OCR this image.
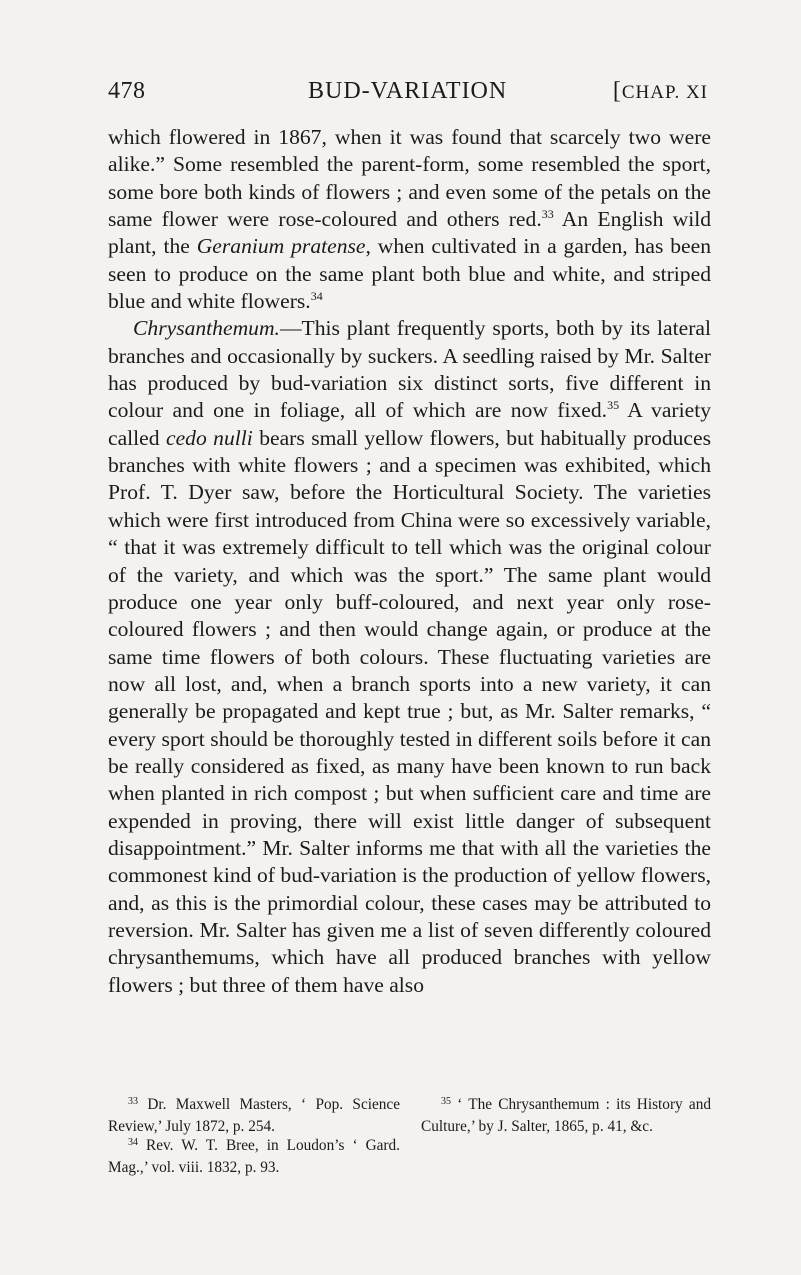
478	BUD-VARIATION	[CHAP. XI

which flowered in 1867, when it was found that scarcely two were alike.” Some resembled the parent-form, some resembled the sport, some bore both kinds of flowers ; and even some of the petals on the same flower were rose-coloured and others red.$^{33}$ An English wild plant, the Geranium pratense, when cultivated in a garden, has been seen to produce on the same plant both blue and white, and striped blue and white flowers.$^{34}$

Chrysanthemum.—This plant frequently sports, both by its lateral branches and occasionally by suckers. A seedling raised by Mr. Salter has produced by bud-variation six distinct sorts, five different in colour and one in foliage, all of which are now fixed.$^{35}$ A variety called cedo nulli bears small yellow flowers, but habitually produces branches with white flowers ; and a specimen was exhibited, which Prof. T. Dyer saw, before the Horticultural Society. The varieties which were first introduced from China were so excessively variable, “ that it was extremely difficult to tell which was the original colour of the variety, and which was the sport.” The same plant would produce one year only buff-coloured, and next year only rose-coloured flowers ; and then would change again, or produce at the same time flowers of both colours. These fluctuating varieties are now all lost, and, when a branch sports into a new variety, it can generally be propagated and kept true ; but, as Mr. Salter remarks, “ every sport should be thoroughly tested in different soils before it can be really considered as fixed, as many have been known to run back when planted in rich compost ; but when sufficient care and time are expended in proving, there will exist little danger of subsequent disappointment.” Mr. Salter informs me that with all the varieties the commonest kind of bud-variation is the production of yellow flowers, and, as this is the primordial colour, these cases may be attributed to reversion. Mr. Salter has given me a list of seven differently coloured chrysanthemums, which have all produced branches with yellow flowers ; but three of them have also

$^{33}$ Dr. Maxwell Masters, ‘ Pop. Science Review,’ July 1872, p. 254.

$^{34}$ Rev. W. T. Bree, in Loudon’s ‘ Gard. Mag.,’ vol. viii. 1832, p. 93.

$^{35}$ ‘ The Chrysanthemum : its History and Culture,’ by J. Salter, 1865, p. 41, &c.
